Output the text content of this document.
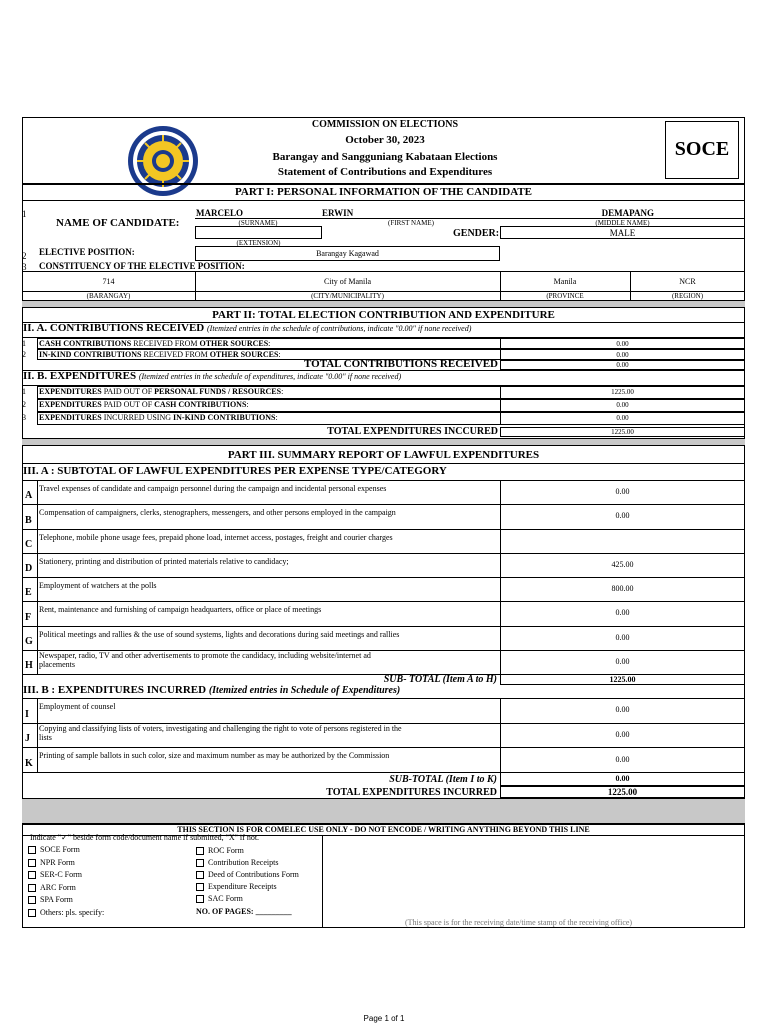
COMMISSION ON ELECTIONS
October 30, 2023
Barangay and Sangguniang Kabataan Elections
Statement of Contributions and Expenditures
SOCE
PART I: PERSONAL INFORMATION OF THE CANDIDATE
1
NAME OF CANDIDATE:
MARCELO	ERWIN	DEMAPANG
(SURNAME)	(FIRST NAME)	(MIDDLE NAME)
(EXTENSION)
GENDER:	MALE
2 ELECTIVE POSITION:	Barangay Kagawad
3 CONSTITUENCY OF THE ELECTIVE POSITION:
714	City of Manila	Manila	NCR
(BARANGAY)	(CITY/MUNICIPALITY)	(PROVINCE	(REGION)
PART II: TOTAL ELECTION CONTRIBUTION AND EXPENDITURE
II. A. CONTRIBUTIONS RECEIVED (Itemized entries in the schedule of contributions, indicate "0.00" if none received)
1 CASH CONTRIBUTIONS RECEIVED FROM OTHER SOURCES:	0.00
2 IN-KIND CONTRIBUTIONS RECEIVED FROM OTHER SOURCES:	0.00
TOTAL CONTRIBUTIONS RECEIVED	0.00
II. B. EXPENDITURES (Itemized entries in the schedule of expenditures, indicate "0.00" if none received)
1 EXPENDITURES PAID OUT OF PERSONAL FUNDS / RESOURCES:	1225.00
2 EXPENDITURES PAID OUT OF CASH CONTRIBUTIONS:	0.00
3 EXPENDITURES INCURRED USING IN-KIND CONTRIBUTIONS:	0.00
TOTAL EXPENDITURES INCCURED	1225.00
PART III. SUMMARY REPORT OF LAWFUL EXPENDITURES
III. A : SUBTOTAL OF LAWFUL EXPENDITURES PER EXPENSE TYPE/CATEGORY
A
Travel expenses of candidate and campaign personnel during the campaign and incidental personal expenses	0.00
B
Compensation of campaigners, clerks, stenographers, messengers, and other persons employed in the campaign	0.00
C
Telephone, mobile phone usage fees, prepaid phone load, internet access, postages, freight and courier charges
D
Stationery, printing and distribution of printed materials relative to candidacy;	425.00
E
Employment of watchers at the polls	800.00
F
Rent, maintenance and furnishing of campaign headquarters, office or place of meetings	0.00
G
Political meetings and rallies & the use of sound systems, lights and decorations during said meetings and rallies	0.00
H
Newspaper, radio, TV and other advertisements to promote the candidacy, including website/internet ad
placements	0.00
SUB- TOTAL (Item A to H)	1225.00
III. B : EXPENDITURES INCURRED (Itemized entries in Schedule of Expenditures)
I
Employment of counsel	0.00
J
Copying and classifying lists of voters, investigating and challenging the right to vote of persons registered in the
lists	0.00
K
Printing of sample ballots in such color, size and maximum number as may be authorized by the Commission	0.00
SUB-TOTAL (Item I to K)	0.00
TOTAL EXPENDITURES INCURRED	1225.00
THIS SECTION IS FOR COMELEC USE ONLY - DO NOT ENCODE / WRITING ANYTHING BEYOND THIS LINE
Indicate "✓" beside form code/document name if submitted, "X" if not.
SOCE Form
NPR Form
SER-C Form
ARC Form
SPA Form
Others: pls. specify:
ROC Form
Contribution Receipts
Deed of Contributions Form
Expenditure Receipts
SAC Form
NO. OF PAGES: _________
(This space is for the receiving date/time stamp of the receiving office)
Page 1 of 1
